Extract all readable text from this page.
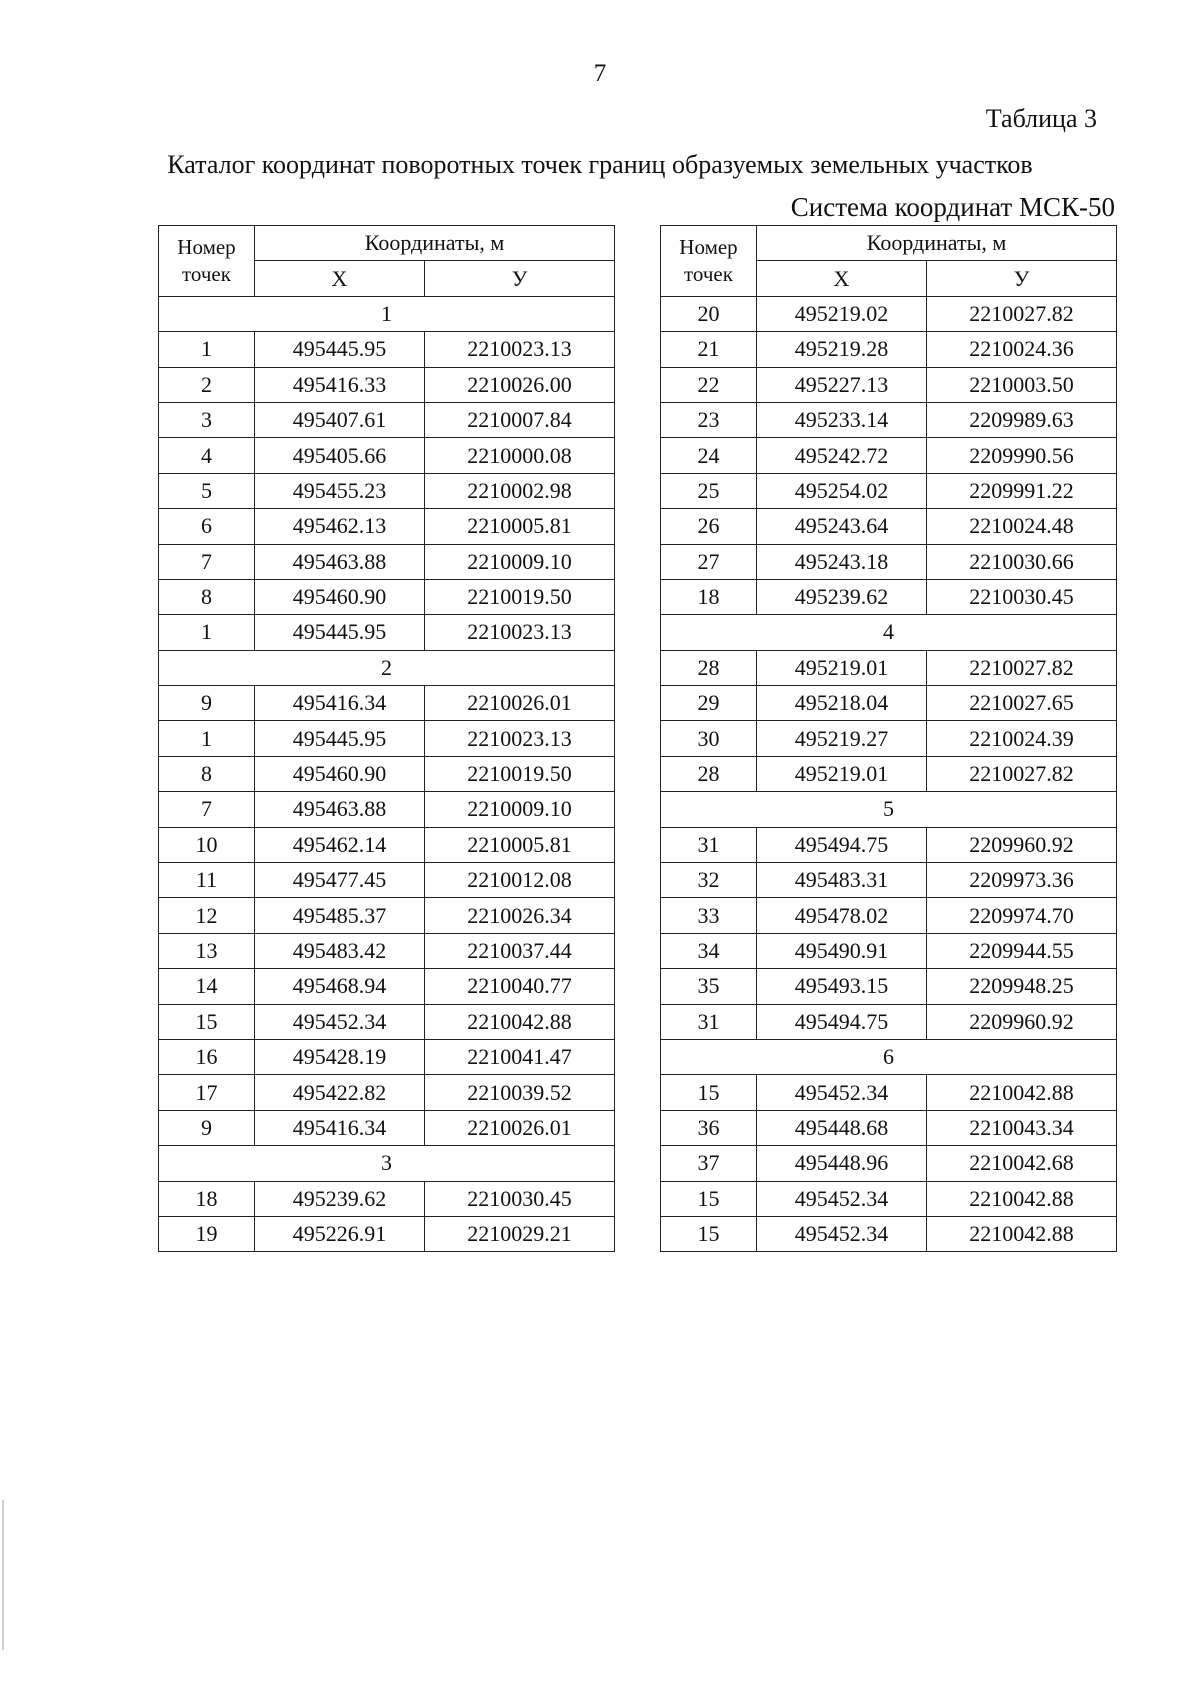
7
Таблица 3
Каталог координат поворотных точек границ образуемых земельных участков
Система координат МСК-50
Номер точек	Координаты, м	
	Х	У
1		
1	495445.95	2210023.13
2	495416.33	2210026.00
3	495407.61	2210007.84
4	495405.66	2210000.08
5	495455.23	2210002.98
6	495462.13	2210005.81
7	495463.88	2210009.10
8	495460.90	2210019.50
1	495445.95	2210023.13
2		
9	495416.34	2210026.01
1	495445.95	2210023.13
8	495460.90	2210019.50
7	495463.88	2210009.10
10	495462.14	2210005.81
11	495477.45	2210012.08
12	495485.37	2210026.34
13	495483.42	2210037.44
14	495468.94	2210040.77
15	495452.34	2210042.88
16	495428.19	2210041.47
17	495422.82	2210039.52
9	495416.34	2210026.01
3		
18	495239.62	2210030.45
19	495226.91	2210029.21
Номер точек	Координаты, м	
	Х	У
20	495219.02	2210027.82
21	495219.28	2210024.36
22	495227.13	2210003.50
23	495233.14	2209989.63
24	495242.72	2209990.56
25	495254.02	2209991.22
26	495243.64	2210024.48
27	495243.18	2210030.66
18	495239.62	2210030.45
4		
28	495219.01	2210027.82
29	495218.04	2210027.65
30	495219.27	2210024.39
28	495219.01	2210027.82
5		
31	495494.75	2209960.92
32	495483.31	2209973.36
33	495478.02	2209974.70
34	495490.91	2209944.55
35	495493.15	2209948.25
31	495494.75	2209960.92
6		
15	495452.34	2210042.88
36	495448.68	2210043.34
37	495448.96	2210042.68
15	495452.34	2210042.88
15	495452.34	2210042.88
